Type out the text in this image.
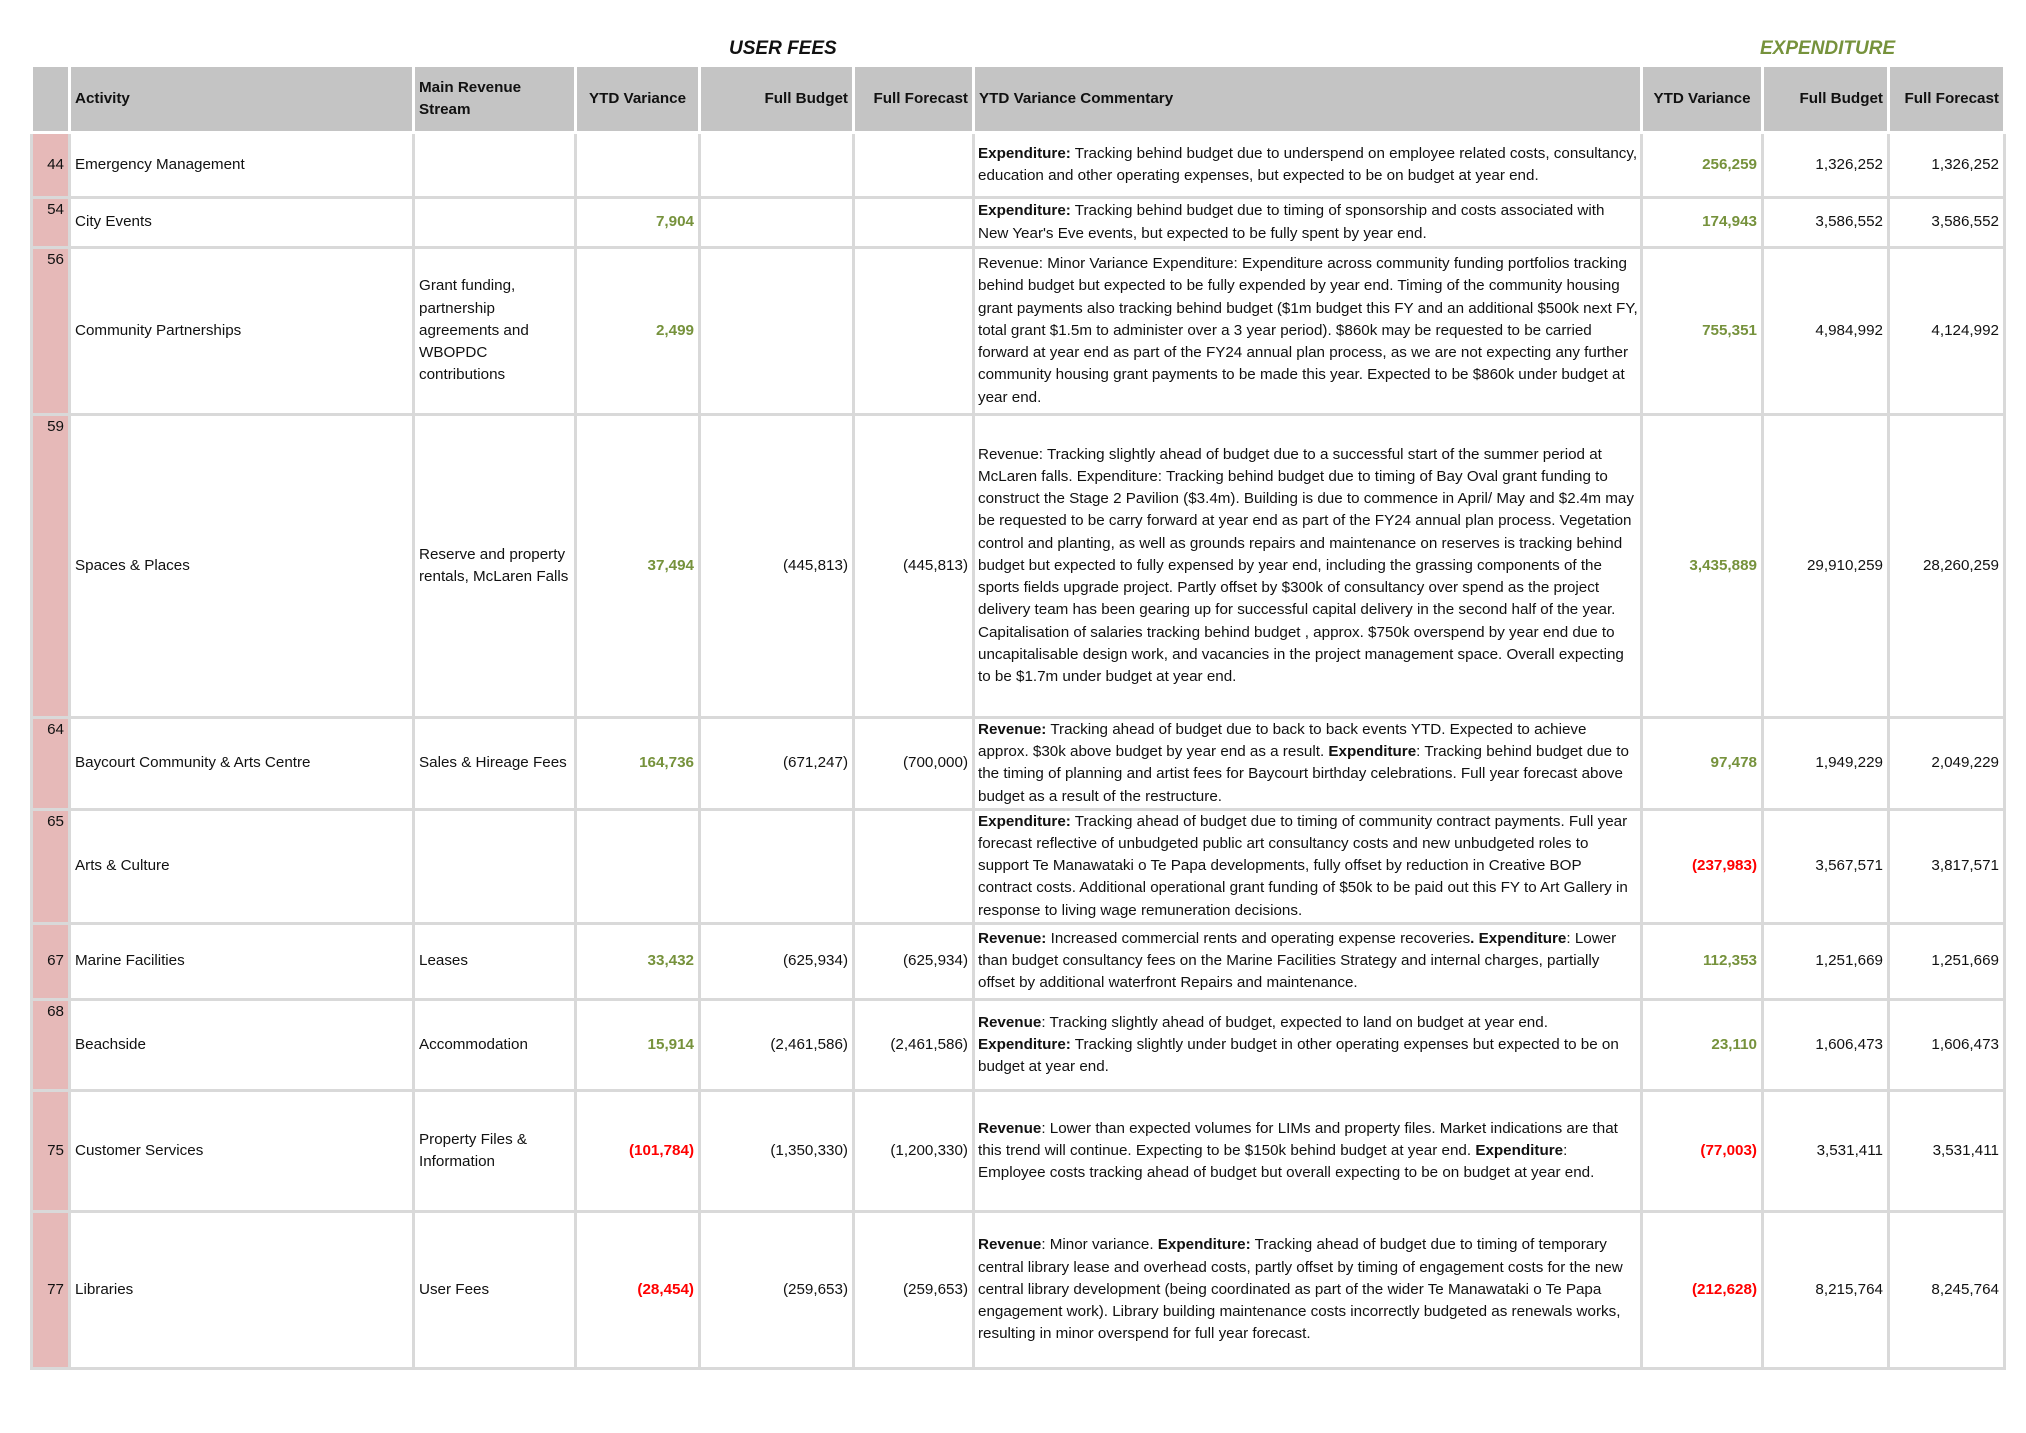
USER FEES	EXPENDITURE
	Activity	Main Revenue Stream	YTD Variance	Full Budget	Full Forecast	YTD Variance Commentary	YTD Variance	Full Budget	Full Forecast
44	Emergency Management					Expenditure: Tracking behind budget due to underspend on employee related costs, consultancy, education and other operating expenses, but expected to be on budget at year end.	256,259	1,326,252	1,326,252
54	City Events		7,904			Expenditure: Tracking behind budget due to timing of sponsorship and costs associated with New Year's Eve events, but expected to be fully spent by year end.	174,943	3,586,552	3,586,552
56	Community Partnerships	Grant funding, partnership agreements and WBOPDC contributions	2,499			Revenue: Minor Variance Expenditure: Expenditure across community funding portfolios tracking behind budget but expected to be fully expended by year end. Timing of the community housing grant payments also tracking behind budget ($1m budget this FY and an additional $500k next FY, total grant $1.5m to administer over a 3 year period). $860k may be requested to be carried forward at year end as part of the FY24 annual plan process, as we are not expecting any further community housing grant payments to be made this year. Expected to be $860k under budget at year end.	755,351	4,984,992	4,124,992
59	Spaces & Places	Reserve and property rentals, McLaren Falls	37,494	(445,813)	(445,813)	Revenue: Tracking slightly ahead of budget due to a successful start of the summer period at McLaren falls. Expenditure: Tracking behind budget due to timing of Bay Oval grant funding to construct the Stage 2 Pavilion ($3.4m). Building is due to commence in April/ May and $2.4m may be requested to be carry forward at year end as part of the FY24 annual plan process. Vegetation control and planting, as well as grounds repairs and maintenance on reserves is tracking behind budget but expected to fully expensed by year end, including the grassing components of the sports fields upgrade project. Partly offset by $300k of consultancy over spend as the project delivery team has been gearing up for successful capital delivery in the second half of the year. Capitalisation of salaries tracking behind budget , approx. $750k overspend by year end due to uncapitalisable design work, and vacancies in the project management space. Overall expecting to be $1.7m under budget at year end.	3,435,889	29,910,259	28,260,259
64	Baycourt Community & Arts Centre	Sales & Hireage Fees	164,736	(671,247)	(700,000)	Revenue: Tracking ahead of budget due to back to back events YTD. Expected to achieve approx. $30k above budget by year end as a result. Expenditure: Tracking behind budget due to the timing of planning and artist fees for Baycourt birthday celebrations. Full year forecast above budget as a result of the restructure.	97,478	1,949,229	2,049,229
65	Arts & Culture					Expenditure: Tracking ahead of budget due to timing of community contract payments. Full year forecast reflective of unbudgeted public art consultancy costs and new unbudgeted roles to support Te Manawataki o Te Papa developments, fully offset by reduction in Creative BOP contract costs. Additional operational grant funding of $50k to be paid out this FY to Art Gallery in response to living wage remuneration decisions.	(237,983)	3,567,571	3,817,571
67	Marine Facilities	Leases	33,432	(625,934)	(625,934)	Revenue: Increased commercial rents and operating expense recoveries. Expenditure: Lower than budget consultancy fees on the Marine Facilities Strategy and internal charges, partially offset by additional waterfront Repairs and maintenance.	112,353	1,251,669	1,251,669
68	Beachside	Accommodation	15,914	(2,461,586)	(2,461,586)	Revenue: Tracking slightly ahead of budget, expected to land on budget at year end. Expenditure: Tracking slightly under budget in other operating expenses but expected to be on budget at year end.	23,110	1,606,473	1,606,473
75	Customer Services	Property Files & Information	(101,784)	(1,350,330)	(1,200,330)	Revenue: Lower than expected volumes for LIMs and property files. Market indications are that this trend will continue. Expecting to be $150k behind budget at year end. Expenditure: Employee costs tracking ahead of budget but overall expecting to be on budget at year end.	(77,003)	3,531,411	3,531,411
77	Libraries	User Fees	(28,454)	(259,653)	(259,653)	Revenue: Minor variance. Expenditure: Tracking ahead of budget due to timing of temporary central library lease and overhead costs, partly offset by timing of engagement costs for the new central library development (being coordinated as part of the wider Te Manawataki o Te Papa engagement work). Library building maintenance costs incorrectly budgeted as renewals works, resulting in minor overspend for full year forecast.	(212,628)	8,215,764	8,245,764
